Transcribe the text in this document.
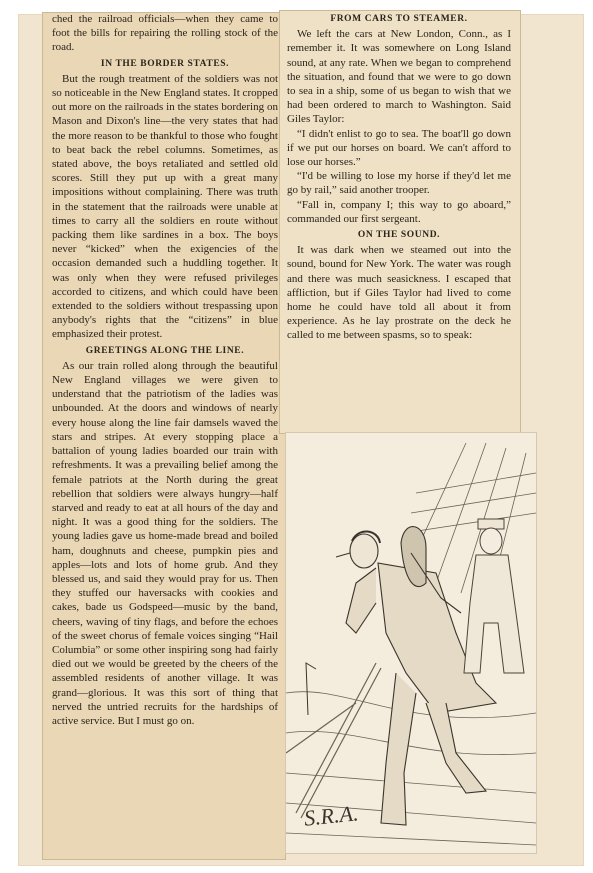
ched the railroad officials—when they came to foot the bills for repairing the rolling stock of the road.

IN THE BORDER STATES.

But the rough treatment of the soldiers was not so noticeable in the New England states. It cropped out more on the railroads in the states bordering on Mason and Dixon's line—the very states that had the more reason to be thankful to those who fought to beat back the rebel columns. Sometimes, as stated above, the boys retaliated and settled old scores. Still they put up with a great many impositions without complaining. There was truth in the statement that the railroads were unable at times to carry all the soldiers en route without packing them like sardines in a box. The boys never “kicked” when the exigencies of the occasion demanded such a huddling together. It was only when they were refused privileges accorded to citizens, and which could have been extended to the soldiers without trespassing upon anybody's rights that the “citizens” in blue emphasized their protest.

GREETINGS ALONG THE LINE.

As our train rolled along through the beautiful New England villages we were given to understand that the patriotism of the ladies was unbounded. At the doors and windows of nearly every house along the line fair damsels waved the stars and stripes. At every stopping place a battalion of young ladies boarded our train with refreshments. It was a prevailing belief among the female patriots at the North during the great rebellion that soldiers were always hungry—half starved and ready to eat at all hours of the day and night. It was a good thing for the soldiers. The young ladies gave us home-made bread and boiled ham, doughnuts and cheese, pumpkin pies and apples—lots and lots of home grub. And they blessed us, and said they would pray for us. Then they stuffed our haversacks with cookies and cakes, bade us Godspeed—music by the band, cheers, waving of tiny flags, and before the echoes of the sweet chorus of female voices singing “Hail Columbia” or some other inspiring song had fairly died out we would be greeted by the cheers of the assembled residents of another village. It was grand—glorious. It was this sort of thing that nerved the untried recruits for the hardships of active service. But I must go on.

FROM CARS TO STEAMER.

We left the cars at New London, Conn., as I remember it. It was somewhere on Long Island sound, at any rate. When we began to comprehend the situation, and found that we were to go down to sea in a ship, some of us began to wish that we had been ordered to march to Washington. Said Giles Taylor:

“I didn't enlist to go to sea. The boat'll go down if we put our horses on board. We can't afford to lose our horses.”

“I'd be willing to lose my horse if they'd let me go by rail,” said another trooper.

“Fall in, company I; this way to go aboard,” commanded our first sergeant.

ON THE SOUND.

It was dark when we steamed out into the sound, bound for New York. The water was rough and there was much seasickness. I escaped that affliction, but if Giles Taylor had lived to come home he could have told all about it from experience. As he lay prostrate on the deck he called to me between spasms, so to speak:

S.R.A.
